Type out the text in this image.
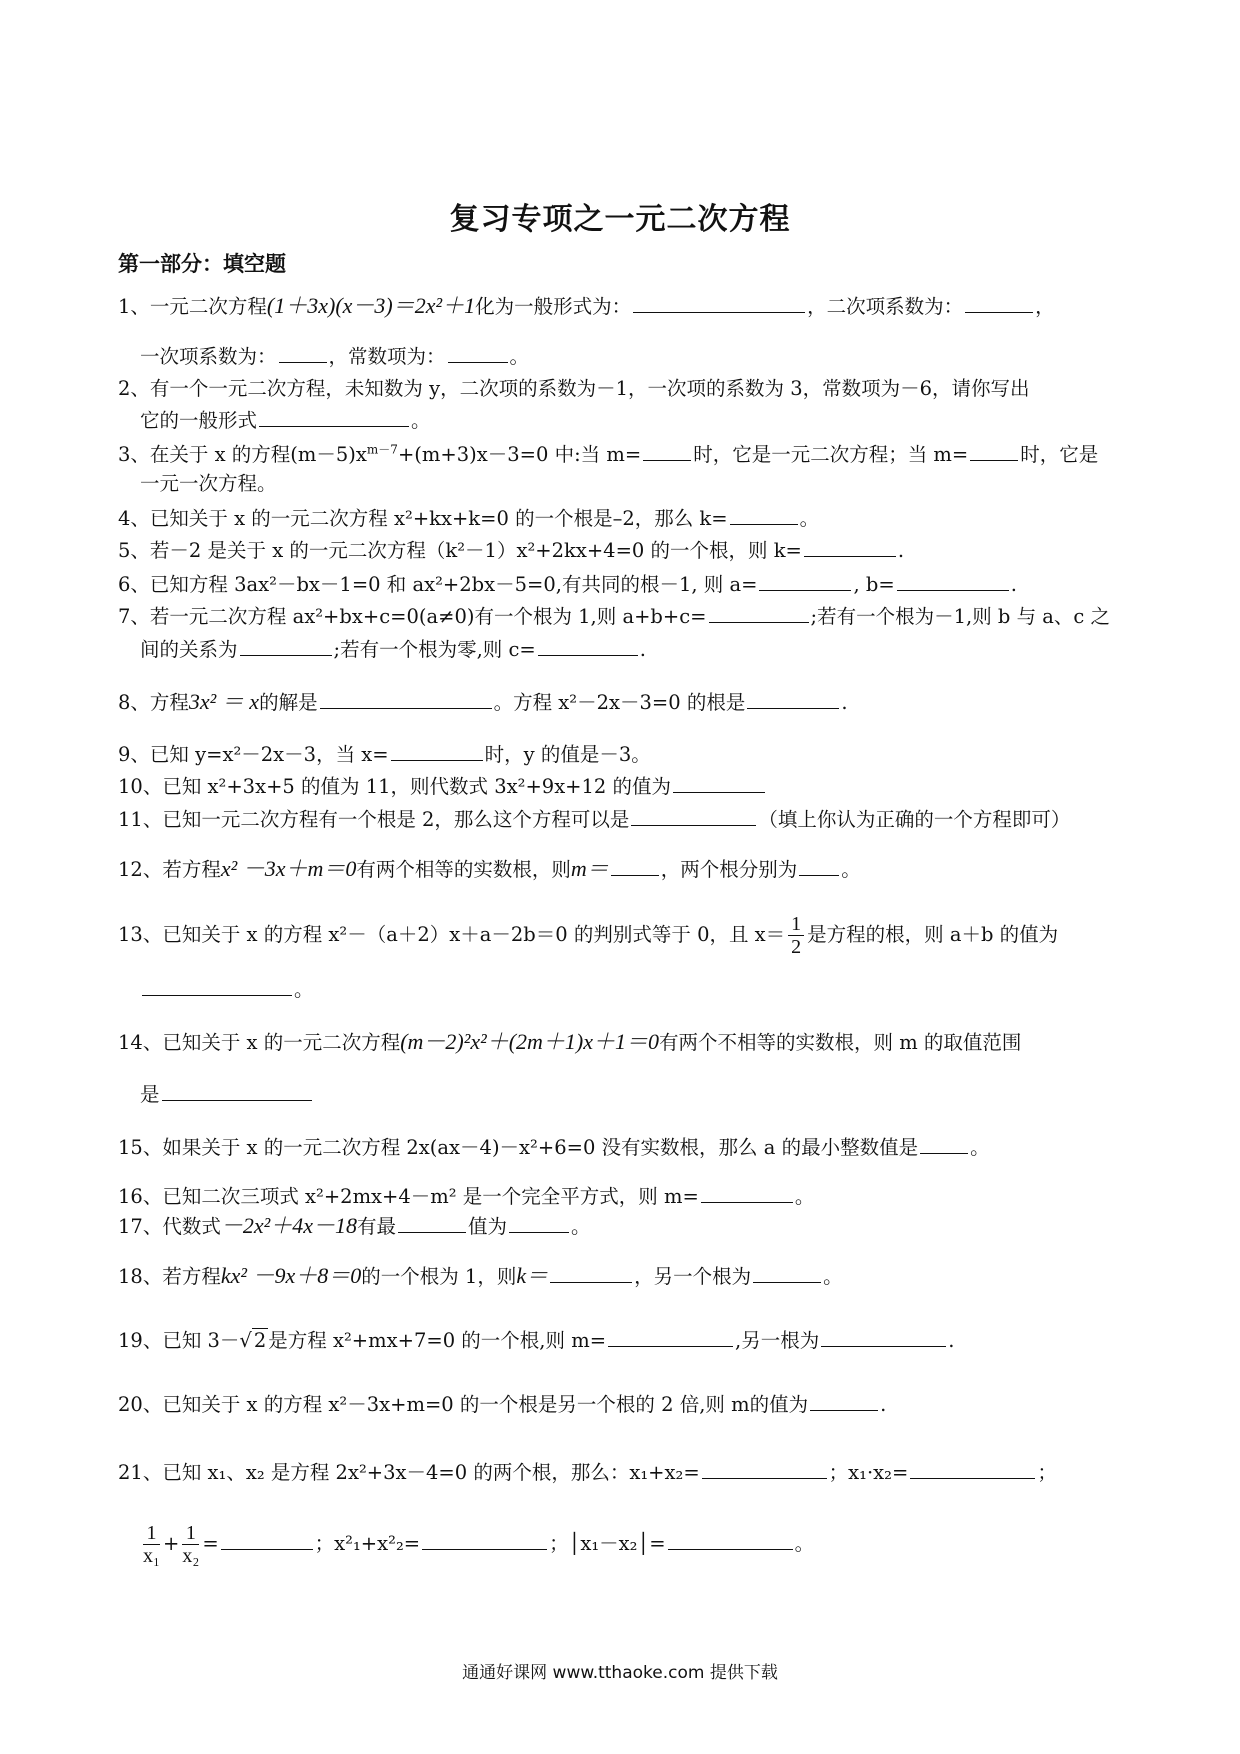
复习专项之一元二次方程
第一部分：填空题
1、一元二次方程(1＋3x)(x－3)＝2x²＋1化为一般形式为：	，二次项系数为：	，
一次项系数为：	，常数项为：	。
2、有一个一元二次方程，未知数为 y，二次项的系数为－1，一次项的系数为 3，常数项为－6，请你写出
它的一般形式	。
3、在关于 x 的方程$(m-5)x^{m-7}+(m+3)x-3=0$ 中:当 m=	时，它是一元二次方程；当 m=	时，它是
一元一次方程。
4、已知关于 x 的一元二次方程 x²+kx+k=0 的一个根是–2，那么 k=	。
5、若－2 是关于 x 的一元二次方程（k²－1）x²+2kx+4=0 的一个根，则 k=	.
6、已知方程 3ax²－bx－1=0 和 ax²+2bx－5=0,有共同的根－1, 则 a=	, b=	.
7、若一元二次方程 ax²+bx+c=0(a≠0)有一个根为 1,则 a+b+c=	;若有一个根为－1,则 b 与 a、c 之
间的关系为	;若有一个根为零,则 c=	.
8、方程3x² ＝ x的解是	。方程 x²－2x－3=0 的根是	.
9、已知 y=x²－2x－3，当 x=	时，y 的值是－3。
10、已知 x²+3x+5 的值为 11，则代数式 3x²+9x+12 的值为
11、已知一元二次方程有一个根是 2，那么这个方程可以是	（填上你认为正确的一个方程即可）
12、若方程x² －3x＋m＝0有两个相等的实数根，则m＝	，两个根分别为 。
13、已知关于 x 的方程 x²－（a＋2）x＋a－2b＝0 的判别式等于 0，且 $x= \frac{1}{2}$ 是方程的根，则 a＋b 的值为
。
14、已知关于 x 的一元二次方程(m－2)²x²＋(2m＋1)x＋1＝0有两个不相等的实数根，则 m 的取值范围
是
15、如果关于 x 的一元二次方程 2x(ax－4)－x²+6=0 没有实数根，那么 a 的最小整数值是	。
16、已知二次三项式 x²+2mx+4－m² 是一个完全平方式，则 m=	。
17、代数式－2x²＋4x－18有最	值为	。
18、若方程kx² －9x＋8＝0的一个根为 1，则k＝	，另一个根为	。
19、已知 3－√ 2 是方程 x²+mx+7=0 的一个根,则 m=	,另一根为	.
20、已知关于 x 的方程 x²－3x+m=0 的一个根是另一个根的 2 倍,则 m的值为	.
21、已知 x₁、x₂ 是方程 2x²+3x－4=0 的两个根，那么：x₁+x₂=	；x₁·x₂=	；
$\frac{1}{\text{x₁}} + \frac{1}{\text{x₂}}$ =	；x²₁+x²₂=	；│x₁－x₂│=	。
通通好课网 www.tthaoke.com 提供下载
